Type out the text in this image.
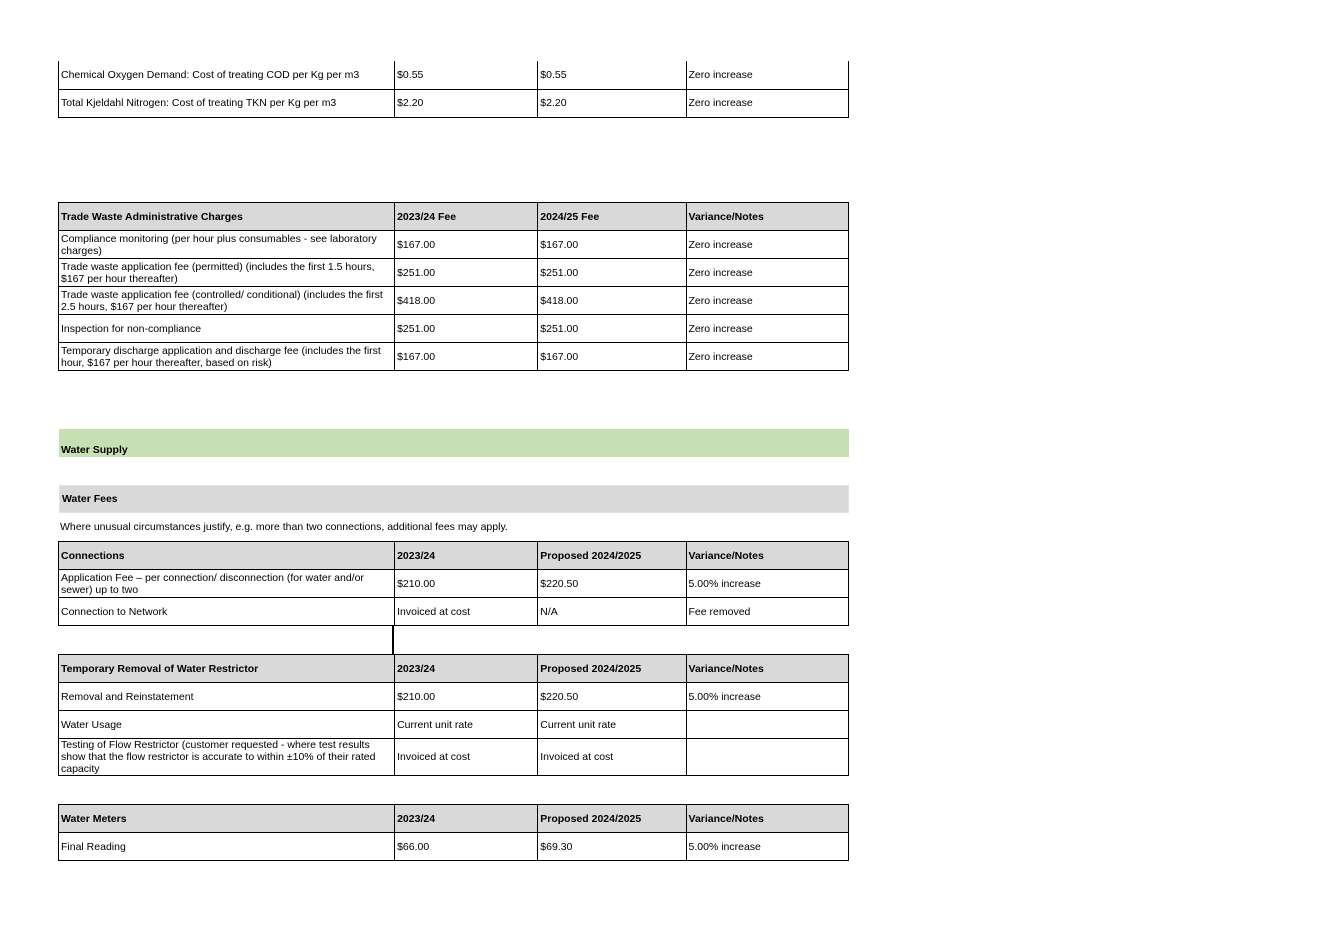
Chemical Oxygen Demand: Cost of treating COD per Kg per m3	$0.55	$0.55	Zero increase
Total Kjeldahl Nitrogen: Cost of treating TKN per Kg per m3	$2.20	$2.20	Zero increase
Trade Waste Administrative Charges	2023/24 Fee	2024/25 Fee	Variance/Notes
Compliance monitoring (per hour plus consumables - see laboratory charges)	$167.00	$167.00	Zero increase
Trade waste application fee (permitted) (includes the first 1.5 hours, $167 per hour thereafter)	$251.00	$251.00	Zero increase
Trade waste application fee (controlled/ conditional) (includes the first 2.5 hours, $167 per hour thereafter)	$418.00	$418.00	Zero increase
Inspection for non-compliance	$251.00	$251.00	Zero increase
Temporary discharge application and discharge fee (includes the first hour, $167 per hour thereafter, based on risk)	$167.00	$167.00	Zero increase
Water Supply
Water Fees
Where unusual circumstances justify, e.g. more than two connections, additional fees may apply.
Connections	2023/24	Proposed 2024/2025	Variance/Notes
Application Fee – per connection/ disconnection (for water and/or sewer) up to two	$210.00	$220.50	5.00% increase
Connection to Network	Invoiced at cost	N/A	Fee removed
Temporary Removal of Water Restrictor	2023/24	Proposed 2024/2025	Variance/Notes
Removal and Reinstatement	$210.00	$220.50	5.00% increase
Water Usage	Current unit rate	Current unit rate	
Testing of Flow Restrictor (customer requested - where test results show that the flow restrictor is accurate to within ±10% of their rated capacity	Invoiced at cost	Invoiced at cost	
Water Meters	2023/24	Proposed 2024/2025	Variance/Notes
Final Reading	$66.00	$69.30	5.00% increase
